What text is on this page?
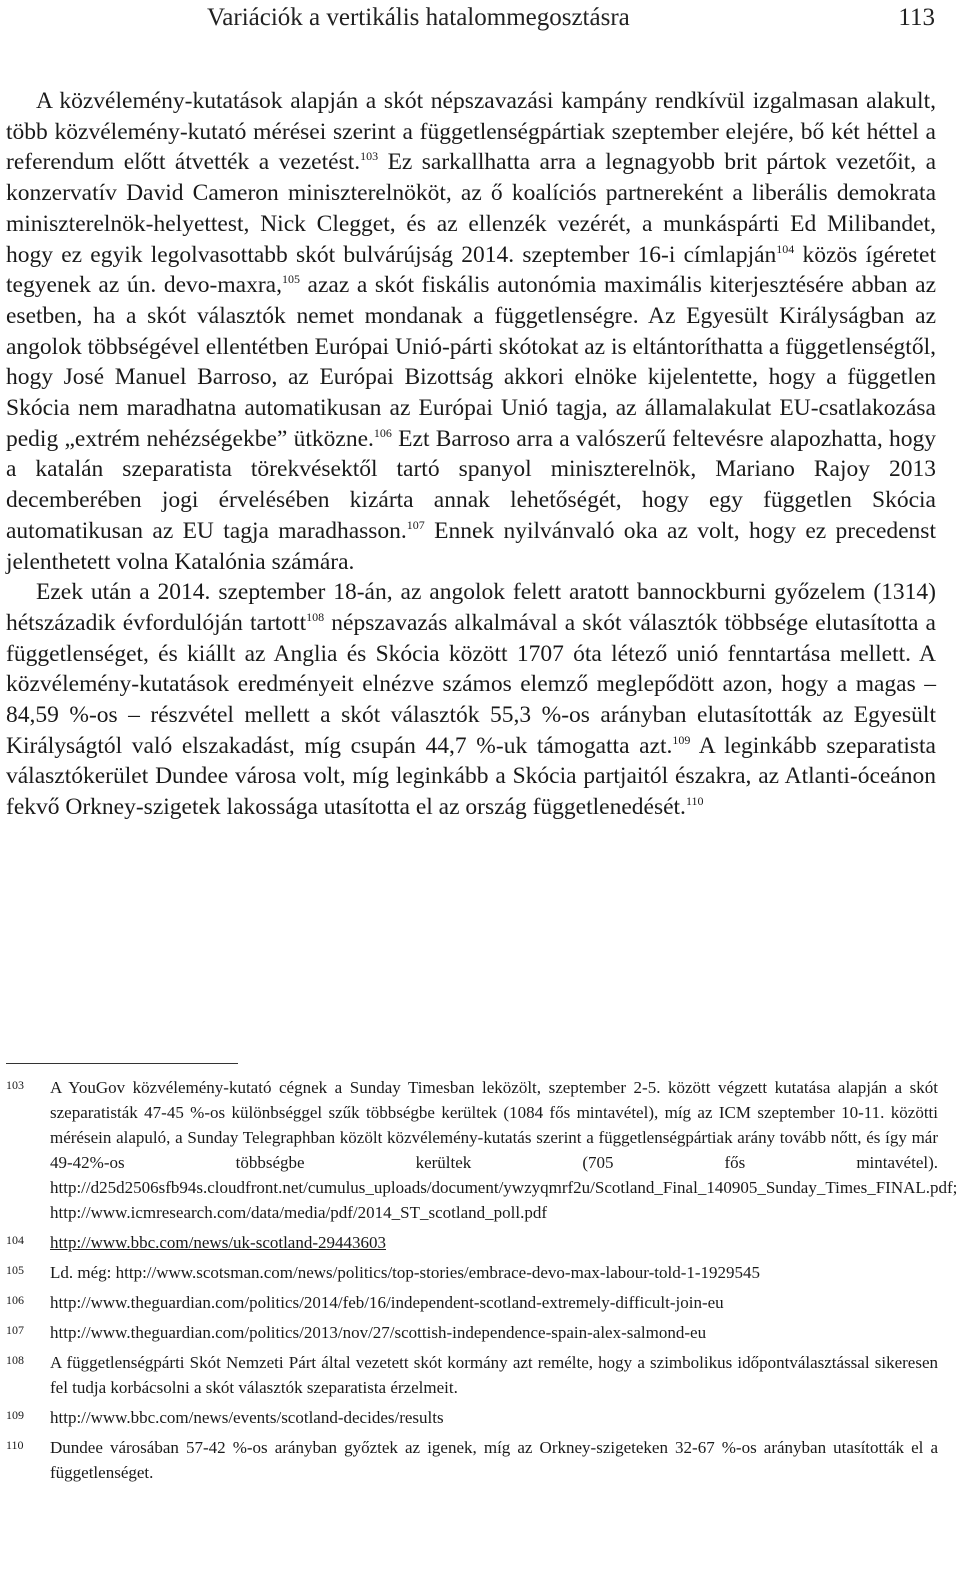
Variációk a vertikális hatalommegosztásra	113

A közvélemény-kutatások alapján a skót népszavazási kampány rendkívül izgalmasan alakult, több közvélemény-kutató mérései szerint a függetlenségpártiak szeptember elejére, bő két héttel a referendum előtt átvették a vezetést.$^{103}$ Ez sarkallhatta arra a legnagyobb brit pártok vezetőit, a konzervatív David Cameron miniszterelnököt, az ő koalíciós partnereként a liberális demokrata miniszterelnök-helyettest, Nick Clegget, és az ellenzék vezérét, a munkáspárti Ed Milibandet, hogy ez egyik legolvasottabb skót bulvárújság 2014. szeptember 16-i címlapján$^{104}$ közös ígéretet tegyenek az ún. devo-maxra,$^{105}$ azaz a skót fiskális autonómia maximális kiterjesztésére abban az esetben, ha a skót választók nemet mondanak a függetlenségre. Az Egyesült Királyságban az angolok többségével ellentétben Európai Unió-párti skótokat az is eltántoríthatta a függetlenségtől, hogy José Manuel Barroso, az Európai Bizottság akkori elnöke kijelentette, hogy a független Skócia nem maradhatna automatikusan az Európai Unió tagja, az államalakulat EU-csatlakozása pedig „extrém nehézségekbe” ütközne.$^{106}$ Ezt Barroso arra a valószerű feltevésre alapozhatta, hogy a katalán szeparatista törekvésektől tartó spanyol miniszterelnök, Mariano Rajoy 2013 decemberében jogi érvelésében kizárta annak lehetőségét, hogy egy független Skócia automatikusan az EU tagja maradhasson.$^{107}$ Ennek nyilvánvaló oka az volt, hogy ez precedenst jelenthetett volna Katalónia számára.

Ezek után a 2014. szeptember 18-án, az angolok felett aratott bannockburni győzelem (1314) hétszázadik évfordulóján tartott$^{108}$ népszavazás alkalmával a skót választók többsége elutasította a függetlenséget, és kiállt az Anglia és Skócia között 1707 óta létező unió fenntartása mellett. A közvélemény-kutatások eredményeit elnézve számos elemző meglepődött azon, hogy a magas – 84,59 %-os – részvétel mellett a skót választók 55,3 %-os arányban elutasították az Egyesült Királyságtól való elszakadást, míg csupán 44,7 %-uk támogatta azt.$^{109}$ A leginkább szeparatista választókerület Dundee városa volt, míg leginkább a Skócia partjaitól északra, az Atlanti-óceánon fekvő Orkney-szigetek lakossága utasította el az ország függetlenedését.$^{110}$

103 A YouGov közvélemény-kutató cégnek a Sunday Timesban leközölt, szeptember 2-5. között végzett kutatása alapján a skót szeparatisták 47-45 %-os különbséggel szűk többségbe kerültek (1084 fős mintavétel), míg az ICM szeptember 10-11. közötti mérésein alapuló, a Sunday Telegraphban közölt közvélemény-kutatás szerint a függetlenségpártiak arány tovább nőtt, és így már 49-42%-os többségbe kerültek (705 fős mintavétel). http://d25d2506sfb94s.cloudfront.net/cumulus_uploads/document/ywzyqmrf2u/Scotland_Final_140905_Sunday_Times_FINAL.pdf; http://www.icmresearch.com/data/media/pdf/2014_ST_scotland_poll.pdf
104 http://www.bbc.com/news/uk-scotland-29443603
105 Ld. még: http://www.scotsman.com/news/politics/top-stories/embrace-devo-max-labour-told-1-1929545
106 http://www.theguardian.com/politics/2014/feb/16/independent-scotland-extremely-difficult-join-eu
107 http://www.theguardian.com/politics/2013/nov/27/scottish-independence-spain-alex-salmond-eu
108 A függetlenségpárti Skót Nemzeti Párt által vezetett skót kormány azt remélte, hogy a szimbolikus időpontválasztással sikeresen fel tudja korbácsolni a skót választók szeparatista érzelmeit.
109 http://www.bbc.com/news/events/scotland-decides/results
110 Dundee városában 57-42 %-os arányban győztek az igenek, míg az Orkney-szigeteken 32-67 %-os arányban utasították el a függetlenséget.
